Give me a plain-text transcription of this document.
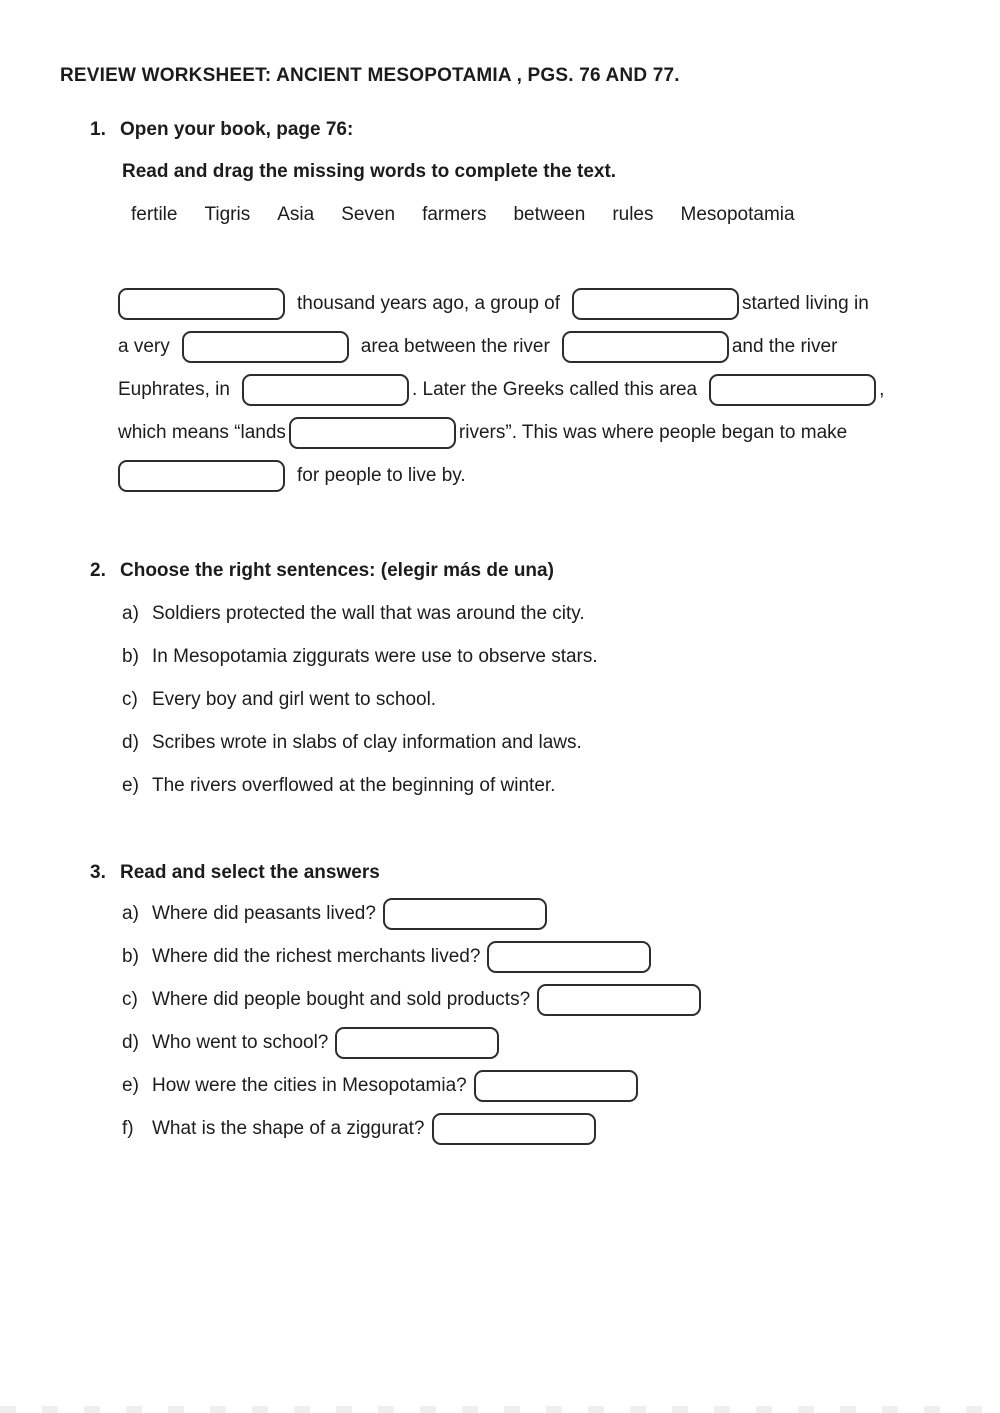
REVIEW WORKSHEET: ANCIENT MESOPOTAMIA , PGS. 76 AND 77.
1. Open your book, page 76:

Read and drag the missing words to complete the text.

fertile Tigris Asia Seven farmers between rules Mesopotamia
thousand years ago, a group of	started living in
a very	area between the river	and the river
Euphrates, in	. Later the Greeks called this area	,
which means “lands	rivers”. This was where people began to make
for people to live by.
2. Choose the right sentences: (elegir más de una)
a) Soldiers protected the wall that was around the city.
b) In Mesopotamia ziggurats were use to observe stars.
c) Every boy and girl went to school.
d) Scribes wrote in slabs of clay information and laws.
e) The rivers overflowed at the beginning of winter.
3. Read and select the answers
a) Where did peasants lived?
b) Where did the richest merchants lived?
c) Where did people bought and sold products?
d) Who went to school?
e) How were the cities in Mesopotamia?
f) What is the shape of a ziggurat?
